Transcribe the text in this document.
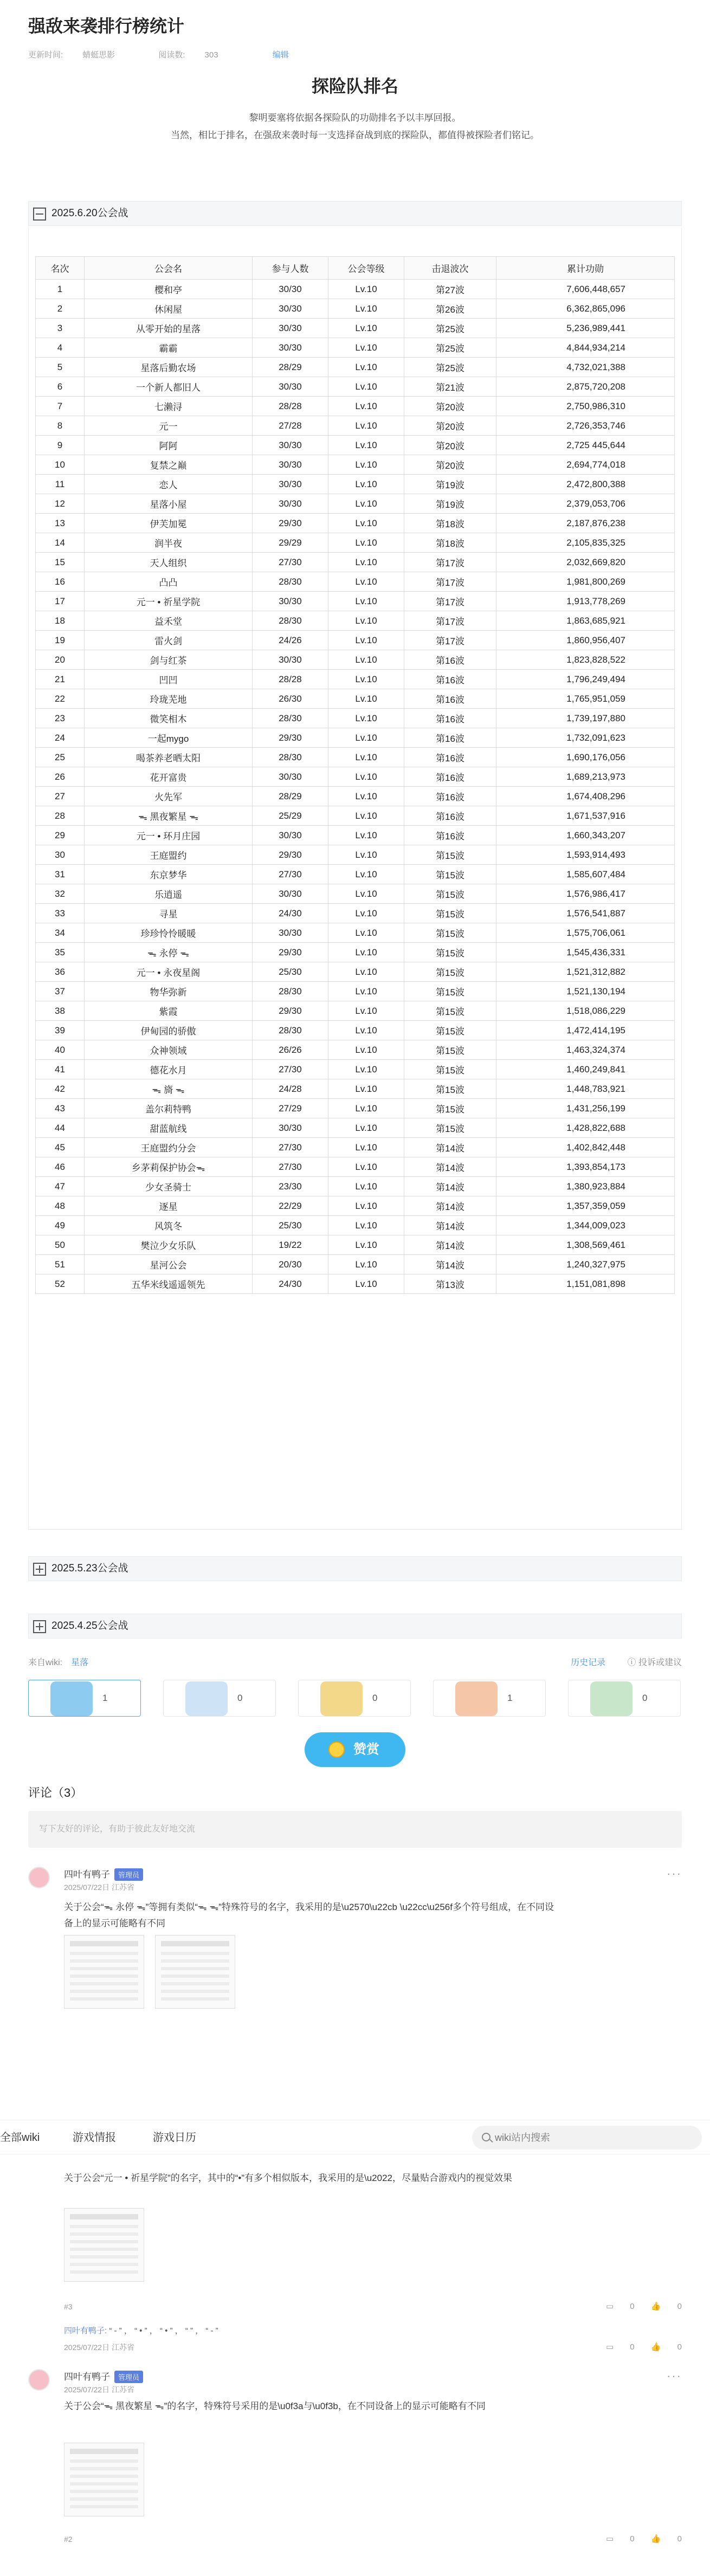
强敌来袭排行榜统计
更新时间: 蜻蜓思影	阅读数: 303	编辑
探险队排名
黎明要塞将依据各探险队的功勋排名予以丰厚回报。
当然，相比于排名，在强敌来袭时每一支选择奋战到底的探险队，都值得被探险者们铭记。
2025.6.20公会战
名次	公会名	参与人数	公会等级	击退波次	累计功勋
1	樱和亭	30/30	Lv.10	第27波	7,606,448,657
2	休闲屋	30/30	Lv.10	第26波	6,362,865,096
3	从零开始的星落	30/30	Lv.10	第25波	5,236,989,441
4	霸霸	30/30	Lv.10	第25波	4,844,934,214
5	星落后勤农场	28/29	Lv.10	第25波	4,732,021,388
6	一个新人都旧人	30/30	Lv.10	第21波	2,875,720,208
7	七濑浔	28/28	Lv.10	第20波	2,750,986,310
8	元一	27/28	Lv.10	第20波	2,726,353,746
9	阿阿	30/30	Lv.10	第20波	2,725 445,644
10	复禁之巅	30/30	Lv.10	第20波	2,694,774,018
11	恋人	30/30	Lv.10	第19波	2,472,800,388
12	星落小屋	30/30	Lv.10	第19波	2,379,053,706
13	伊芙加冕	29/30	Lv.10	第18波	2,187,876,238
14	润半夜	29/29	Lv.10	第18波	2,105,835,325
15	天人组织	27/30	Lv.10	第17波	2,032,669,820
16	凸凸	28/30	Lv.10	第17波	1,981,800,269
17	元一 • 祈星学院	30/30	Lv.10	第17波	1,913,778,269
18	益禾堂	28/30	Lv.10	第17波	1,863,685,921
19	雷火剑	24/26	Lv.10	第17波	1,860,956,407
20	剑与红茶	30/30	Lv.10	第16波	1,823,828,522
21	凹凹	28/28	Lv.10	第16波	1,796,249,494
22	玲珑芜地	26/30	Lv.10	第16波	1,765,951,059
23	微笑相木	28/30	Lv.10	第16波	1,739,197,880
24	一起mygo	29/30	Lv.10	第16波	1,732,091,623
25	喝茶养老晒太阳	28/30	Lv.10	第16波	1,690,176,056
26	花开富贵	30/30	Lv.10	第16波	1,689,213,973
27	火先军	28/29	Lv.10	第16波	1,674,408,296
28	ᯓ 黑夜繁星 ᯓ	25/29	Lv.10	第16波	1,671,537,916
29	元一 • 环月庄园	30/30	Lv.10	第16波	1,660,343,207
30	王庭盟约	29/30	Lv.10	第15波	1,593,914,493
31	东京梦华	27/30	Lv.10	第15波	1,585,607,484
32	乐逍遥	30/30	Lv.10	第15波	1,576,986,417
33	寻星	24/30	Lv.10	第15波	1,576,541,887
34	珍珍怜怜暖暖	30/30	Lv.10	第15波	1,575,706,061
35	ᯓ 永停 ᯓ	29/30	Lv.10	第15波	1,545,436,331
36	元一 • 永夜星阁	25/30	Lv.10	第15波	1,521,312,882
37	物华弥新	28/30	Lv.10	第15波	1,521,130,194
38	紫霞	29/30	Lv.10	第15波	1,518,086,229
39	伊甸园的骄傲	28/30	Lv.10	第15波	1,472,414,195
40	众神领域	26/26	Lv.10	第15波	1,463,324,374
41	德花水月	27/30	Lv.10	第15波	1,460,249,841
42	ᯓ 旖 ᯓ	24/28	Lv.10	第15波	1,448,783,921
43	盖尔莉特鸭	27/29	Lv.10	第15波	1,431,256,199
44	甜蓝航线	30/30	Lv.10	第15波	1,428,822,688
45	王庭盟约分会	27/30	Lv.10	第14波	1,402,842,448
46	乡茅莉保护协会ᯓ	27/30	Lv.10	第14波	1,393,854,173
47	少女圣骑士	23/30	Lv.10	第14波	1,380,923,884
48	逐星	22/29	Lv.10	第14波	1,357,359,059
49	风筑冬	25/30	Lv.10	第14波	1,344,009,023
50	樊泣少女乐队	19/22	Lv.10	第14波	1,308,569,461
51	星河公会	20/30	Lv.10	第14波	1,240,327,975
52	五华米线遥遥领先	24/30	Lv.10	第13波	1,151,081,898
2025.5.23公会战
2025.4.25公会战
来自wiki: 星落	历史记录	ⓘ 投诉或建议
1	0	0	1	0
赞赏
评论（3）
写下友好的评论，有助于彼此友好地交流
四叶有鸭子 管理员
2025/07/22日 江苏省
···
关于公会“ᯓ 永停 ᯓ”等拥有类似“ᯓ ᯓ”特殊符号的名字，我采用的是\u2570\u22cb \u22cc\u256f多个符号组成，在不同设
备上的显示可能略有不同
全部wiki	游戏情报	游戏日历
wiki站内搜索
关于公会“元一 • 祈星学院”的名字，其中的“•”有多个相似版本，我采用的是\u2022，尽量贴合游戏内的视觉效果
#3	▭ 0 👍 0
四叶有鸭子: “ - ” ， “ • ” ， “ • ” ， “ ” ， “ - ”
2025/07/22日 江苏省	▭ 0 👍 0
四叶有鸭子 管理员
2025/07/22日 江苏省
···
关于公会“ᯓ 黑夜繁星 ᯓ”的名字，特殊符号采用的是\u0f3a与\u0f3b，在不同设备上的显示可能略有不同
#2	▭ 0 👍 0
